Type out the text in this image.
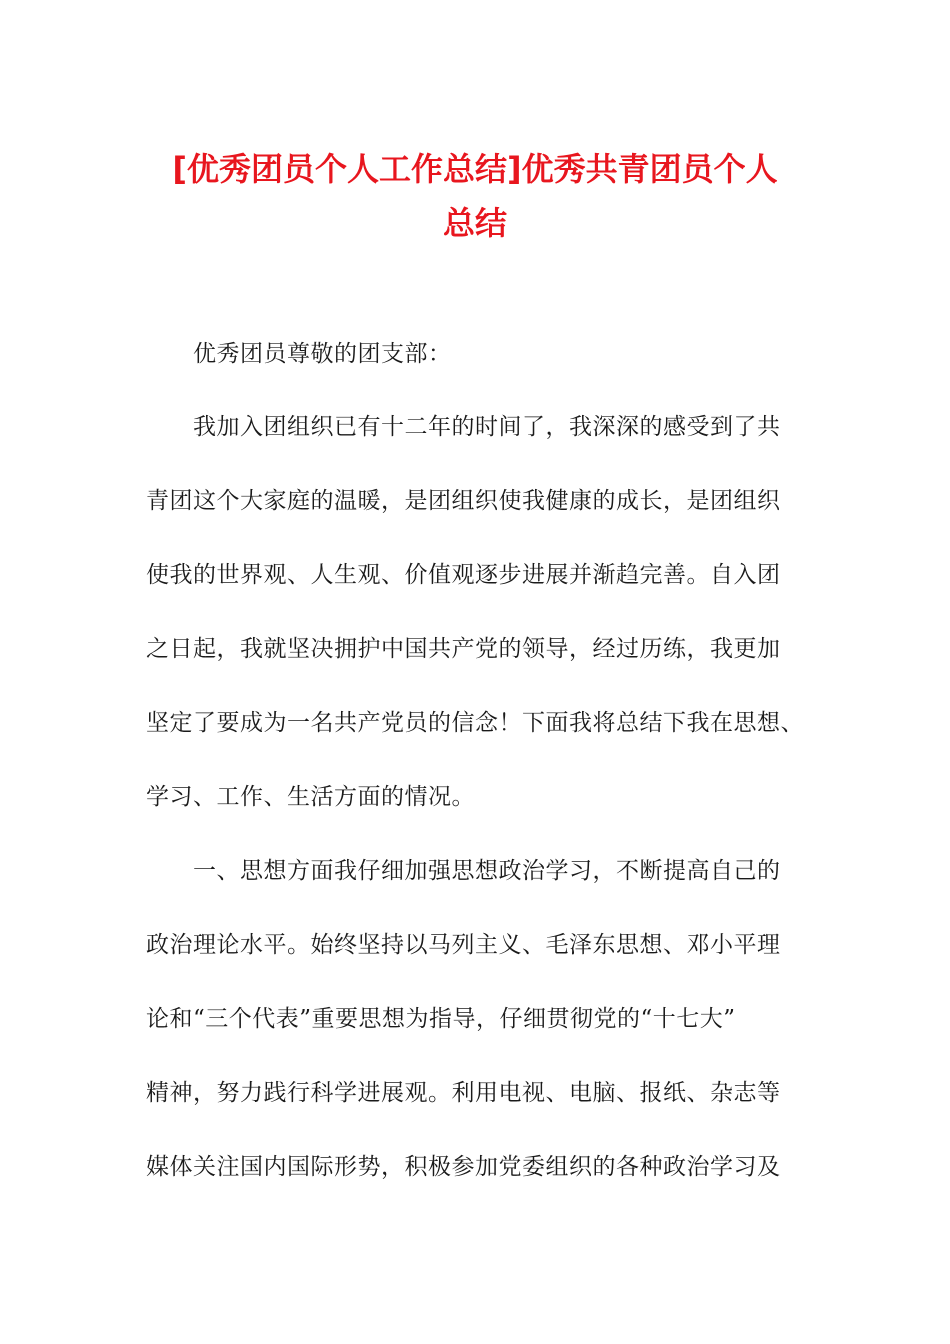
[优秀团员个人工作总结]优秀共青团员个人
总结
优秀团员尊敬的团支部：
我加入团组织已有十二年的时间了，我深深的感受到了共
青团这个大家庭的温暖，是团组织使我健康的成长，是团组织
使我的世界观、人生观、价值观逐步进展并渐趋完善。自入团
之日起，我就坚决拥护中国共产党的领导，经过历练，我更加
坚定了要成为一名共产党员的信念！下面我将总结下我在思想、
学习、工作、生活方面的情况。
一、思想方面我仔细加强思想政治学习，不断提高自己的
政治理论水平。始终坚持以马列主义、毛泽东思想、邓小平理
论和“三个代表”重要思想为指导，仔细贯彻党的“十七大”
精神，努力践行科学进展观。利用电视、电脑、报纸、杂志等
媒体关注国内国际形势，积极参加党委组织的各种政治学习及
